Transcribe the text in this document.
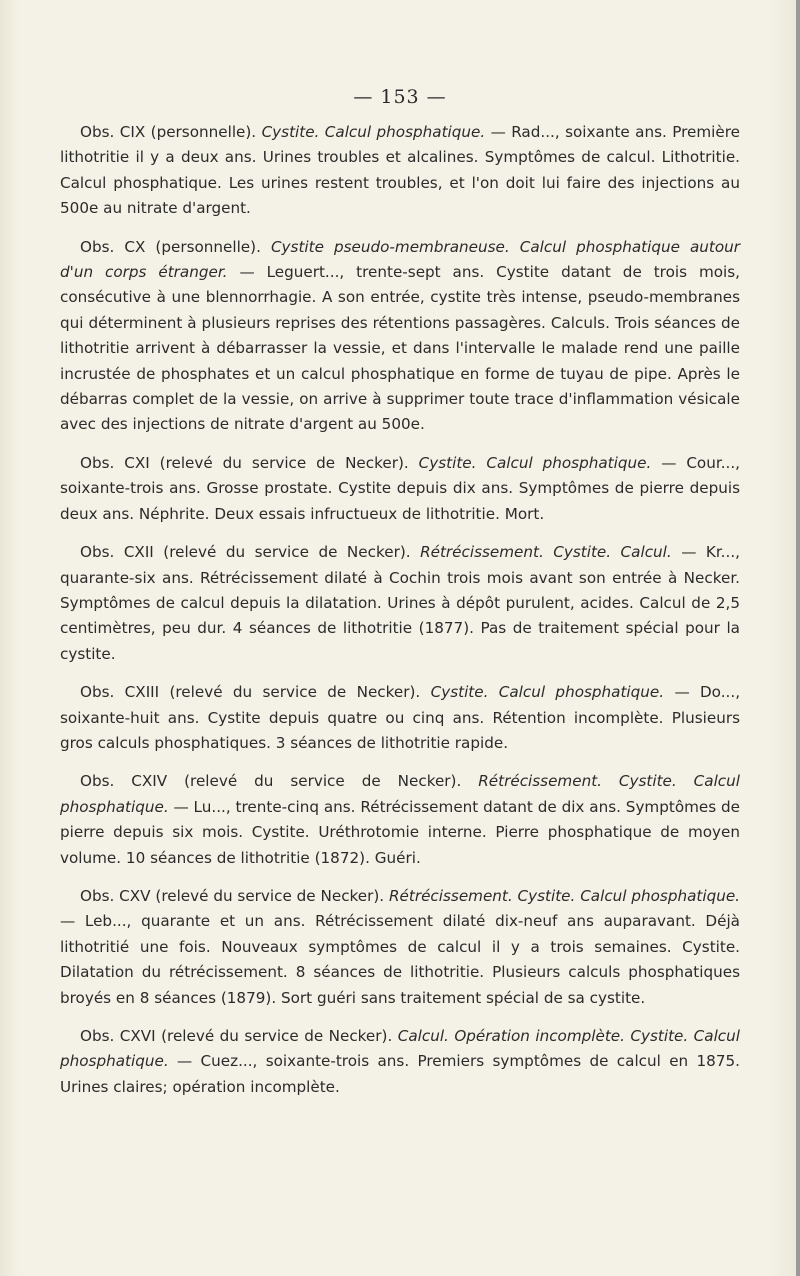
— 153 —

Obs. CIX (personnelle). Cystite. Calcul phosphatique. — Rad..., soixante ans. Première lithotritie il y a deux ans. Urines troubles et alcalines. Symptômes de calcul. Lithotritie. Calcul phosphatique. Les urines restent troubles, et l'on doit lui faire des injections au 500e au nitrate d'argent.

Obs. CX (personnelle). Cystite pseudo-membraneuse. Calcul phosphatique autour d'un corps étranger. — Leguert..., trente-sept ans. Cystite datant de trois mois, consécutive à une blennorrhagie. A son entrée, cystite très intense, pseudo-membranes qui déterminent à plusieurs reprises des rétentions passagères. Calculs. Trois séances de lithotritie arrivent à débarrasser la vessie, et dans l'intervalle le malade rend une paille incrustée de phosphates et un calcul phosphatique en forme de tuyau de pipe. Après le débarras complet de la vessie, on arrive à supprimer toute trace d'inflammation vésicale avec des injections de nitrate d'argent au 500e.

Obs. CXI (relevé du service de Necker). Cystite. Calcul phosphatique. — Cour..., soixante-trois ans. Grosse prostate. Cystite depuis dix ans. Symptômes de pierre depuis deux ans. Néphrite. Deux essais infructueux de lithotritie. Mort.

Obs. CXII (relevé du service de Necker). Rétrécissement. Cystite. Calcul. — Kr..., quarante-six ans. Rétrécissement dilaté à Cochin trois mois avant son entrée à Necker. Symptômes de calcul depuis la dilatation. Urines à dépôt purulent, acides. Calcul de 2,5 centimètres, peu dur. 4 séances de lithotritie (1877). Pas de traitement spécial pour la cystite.

Obs. CXIII (relevé du service de Necker). Cystite. Calcul phosphatique. — Do..., soixante-huit ans. Cystite depuis quatre ou cinq ans. Rétention incomplète. Plusieurs gros calculs phosphatiques. 3 séances de lithotritie rapide.

Obs. CXIV (relevé du service de Necker). Rétrécissement. Cystite. Calcul phosphatique. — Lu..., trente-cinq ans. Rétrécissement datant de dix ans. Symptômes de pierre depuis six mois. Cystite. Uréthrotomie interne. Pierre phosphatique de moyen volume. 10 séances de lithotritie (1872). Guéri.

Obs. CXV (relevé du service de Necker). Rétrécissement. Cystite. Calcul phosphatique. — Leb..., quarante et un ans. Rétrécissement dilaté dix-neuf ans auparavant. Déjà lithotritié une fois. Nouveaux symptômes de calcul il y a trois semaines. Cystite. Dilatation du rétrécissement. 8 séances de lithotritie. Plusieurs calculs phosphatiques broyés en 8 séances (1879). Sort guéri sans traitement spécial de sa cystite.

Obs. CXVI (relevé du service de Necker). Calcul. Opération incomplète. Cystite. Calcul phosphatique. — Cuez..., soixante-trois ans. Premiers symptômes de calcul en 1875. Urines claires; opération incomplète.
